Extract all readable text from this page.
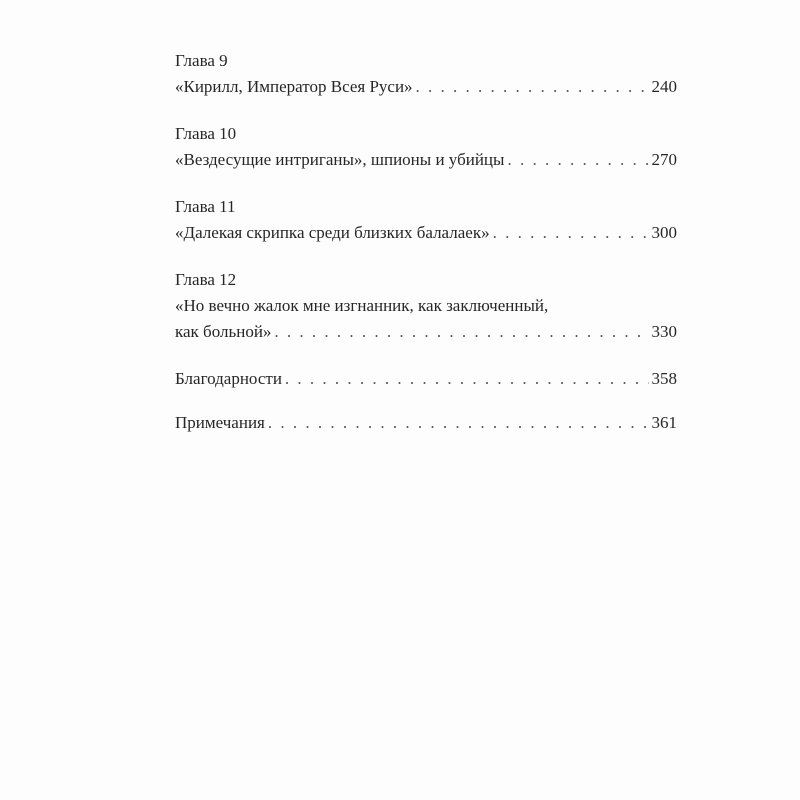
Глава 9
«Кирилл, Император Всея Руси» . . .	240
Глава 10
«Вездесущие интриганы», шпионы и убийцы . . .	270
Глава 11
«Далекая скрипка среди близких балалаек» . . .	300
Глава 12
«Но вечно жалок мне изгнанник, как заключенный,
как больной» . . .	330
Благодарности . . .	358
Примечания . . .	361
